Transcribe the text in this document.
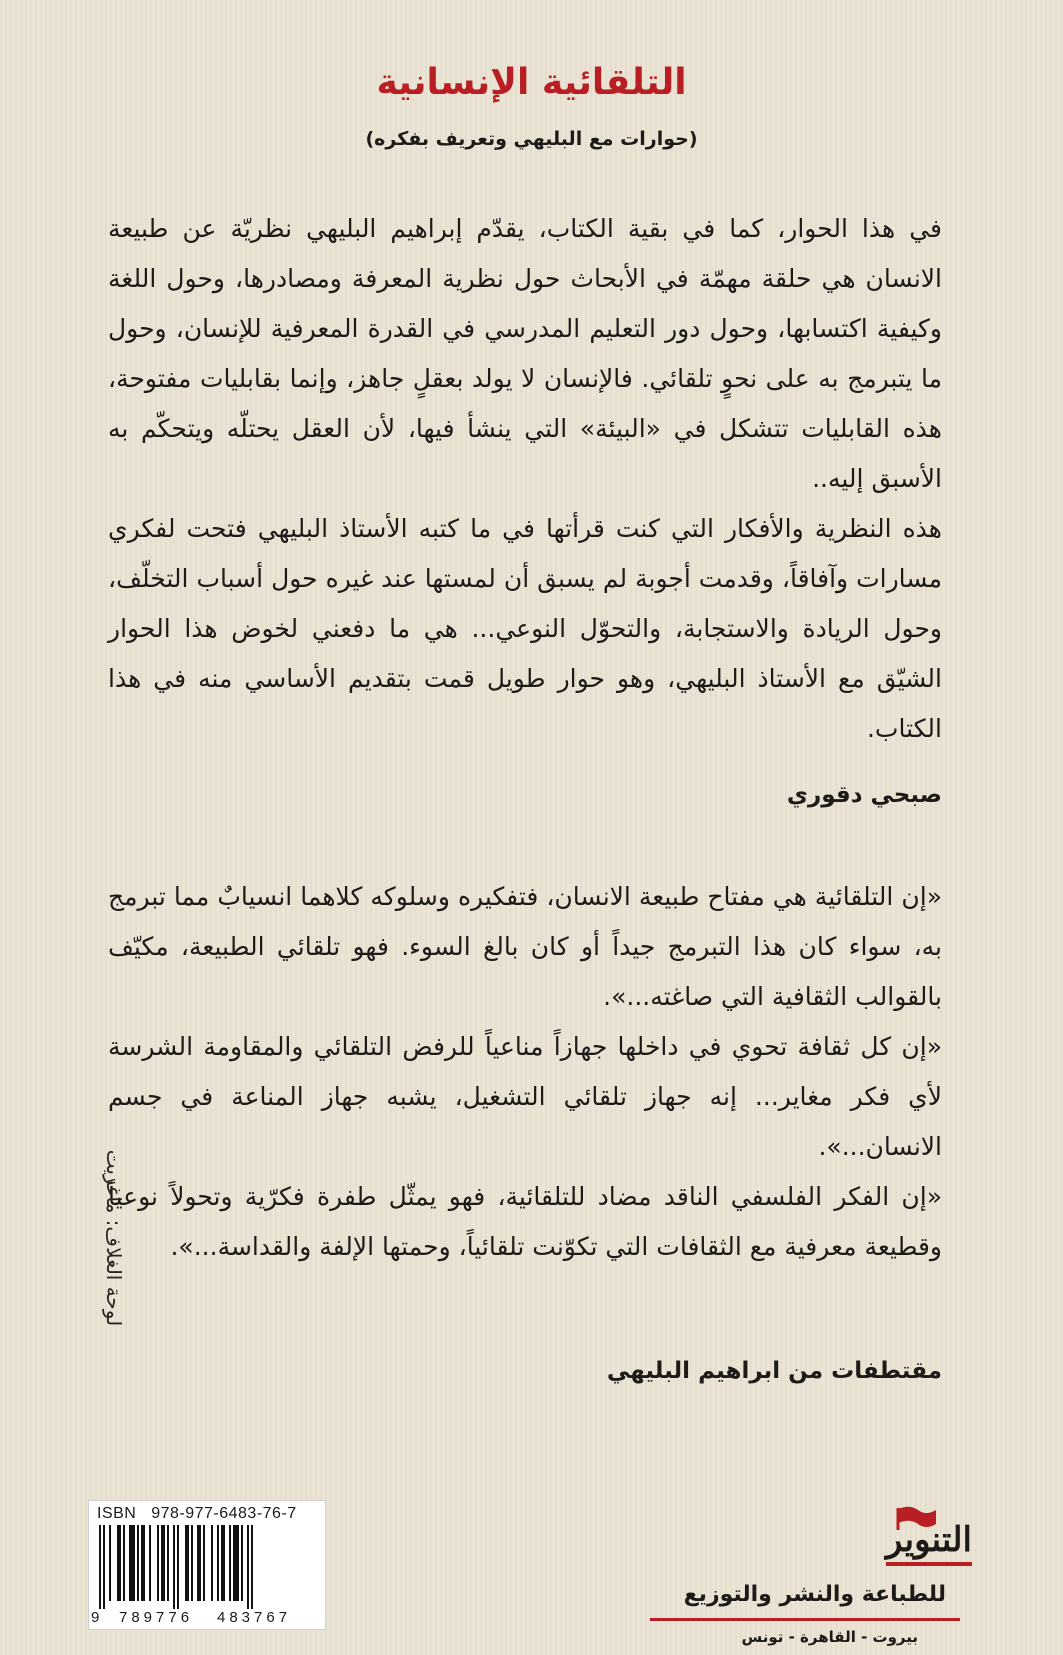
التلقائية الإنسانية
(حوارات مع البليهي وتعريف بفكره)

في هذا الحوار، كما في بقية الكتاب، يقدّم إبراهيم البليهي نظريّة عن طبيعة الانسان هي حلقة مهمّة في الأبحاث حول نظرية المعرفة ومصادرها، وحول اللغة وكيفية اكتسابها، وحول دور التعليم المدرسي في القدرة المعرفية للإنسان، وحول ما يتبرمج به على نحوٍ تلقائي. فالإنسان لا يولد بعقلٍ جاهز، وإنما بقابليات مفتوحة، هذه القابليات تتشكل في «البيئة» التي ينشأ فيها، لأن العقل يحتلّه ويتحكّم به الأسبق إليه..

هذه النظرية والأفكار التي كنت قرأتها في ما كتبه الأستاذ البليهي فتحت لفكري مسارات وآفاقاً، وقدمت أجوبة لم يسبق أن لمستها عند غيره حول أسباب التخلّف، وحول الريادة والاستجابة، والتحوّل النوعي... هي ما دفعني لخوض هذا الحوار الشيّق مع الأستاذ البليهي، وهو حوار طويل قمت بتقديم الأساسي منه في هذا الكتاب.

صبحي دقوري

«إن التلقائية هي مفتاح طبيعة الانسان، فتفكيره وسلوكه كلاهما انسيابٌ مما تبرمج به، سواء كان هذا التبرمج جيداً أو كان بالغ السوء. فهو تلقائي الطبيعة، مكيّف بالقوالب الثقافية التي صاغته...».

«إن كل ثقافة تحوي في داخلها جهازاً مناعياً للرفض التلقائي والمقاومة الشرسة لأي فكر مغاير... إنه جهاز تلقائي التشغيل، يشبه جهاز المناعة في جسم الانسان...».

«إن الفكر الفلسفي الناقد مضاد للتلقائية، فهو يمثّل طفرة فكرّية وتحولاً نوعياً وقطيعة معرفية مع الثقافات التي تكوّنت تلقائياً، وحمتها الإلفة والقداسة...».

مقتطفات من ابراهيم البليهي
لوحة الغلاف: ماغريت
ISBN 978-977-6483-76-7
9 789776 483767
التنوير
للطباعة والنشر والتوزيع
بيروت - القاهرة - تونس
